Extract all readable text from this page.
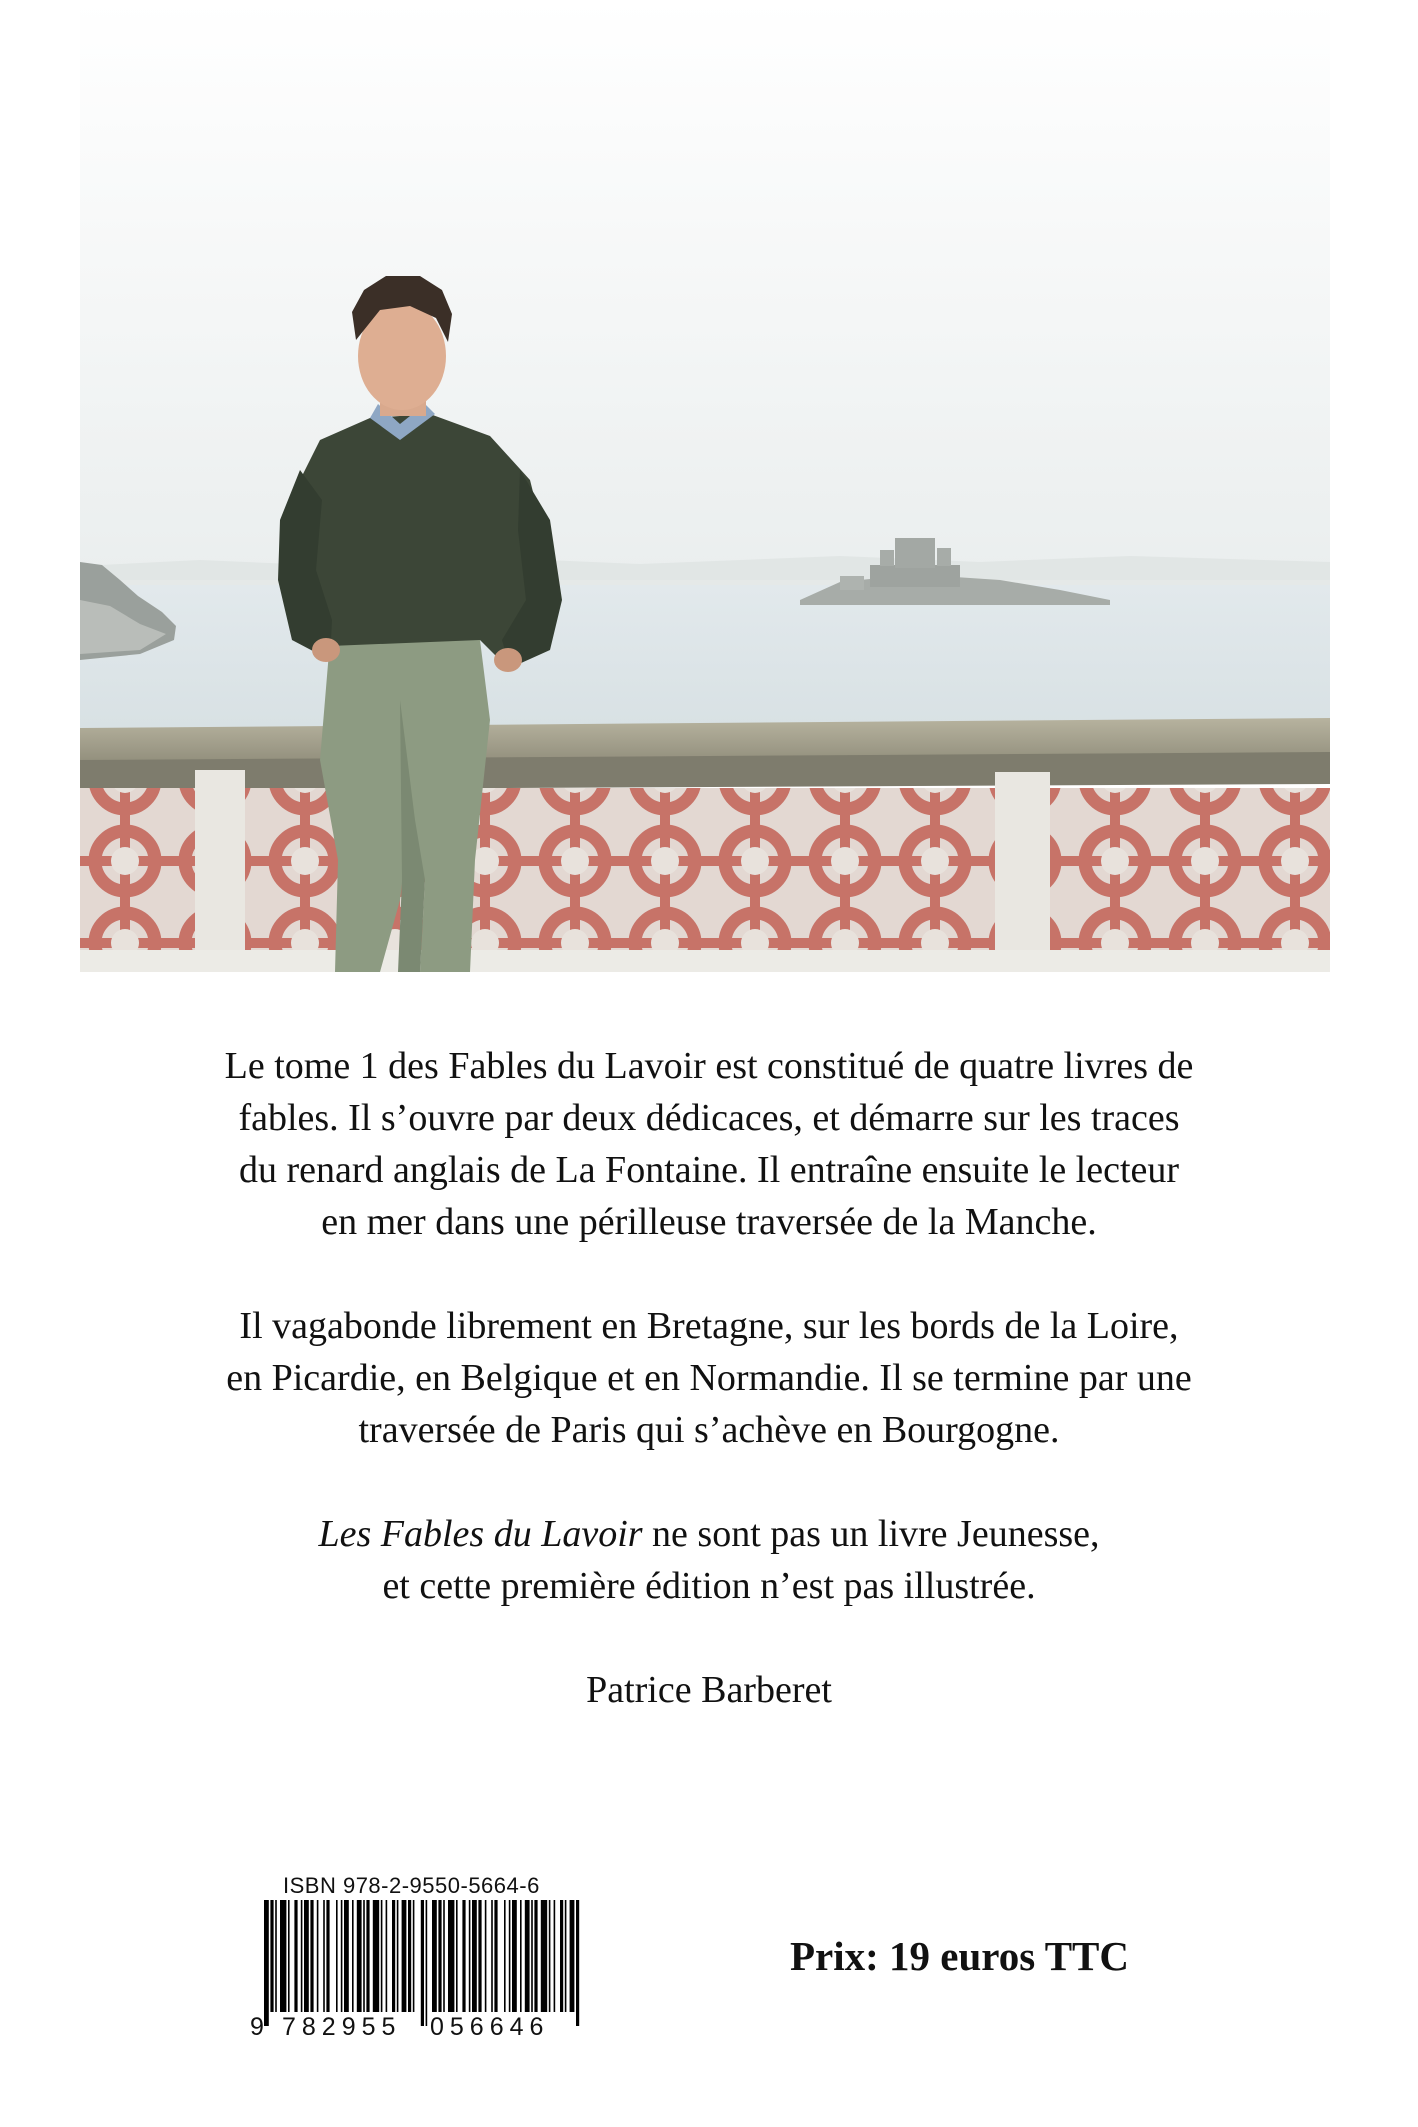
Le tome 1 des Fables du Lavoir est constitué de quatre livres de
fables. Il s’ouvre par deux dédicaces, et démarre sur les traces
du renard anglais de La Fontaine. Il entraîne ensuite le lecteur
en mer dans une périlleuse traversée de la Manche.

Il vagabonde librement en Bretagne, sur les bords de la Loire,
en Picardie, en Belgique et en Normandie. Il se termine par une
traversée de Paris qui s’achève en Bourgogne.

Les Fables du Lavoir ne sont pas un livre Jeunesse,
et cette première édition n’est pas illustrée.

Patrice Barberet
ISBN 978-2-9550-5664-6
9 782955 056646
Prix: 19 euros TTC
